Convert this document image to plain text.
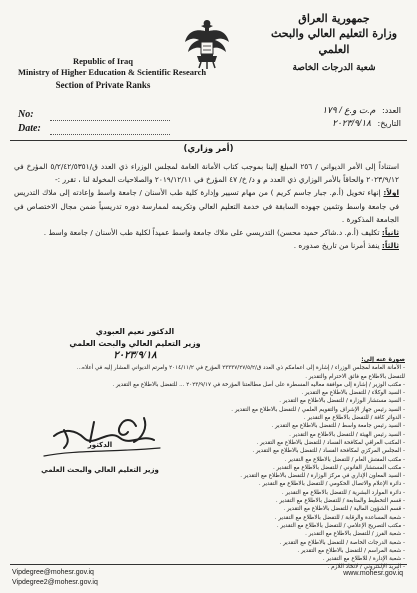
Republic of Iraq
Ministry of Higher Education & Scientific Research
Section of Private Ranks
جمهورية العراق
وزارة التعليم العالي والبحث العلمي
شعبة الدرجات الخاصة
No:
Date:
العدد: م.ت و.ع / ١٧٩
التاريخ: ٢٠٢٣/٩/١٨
(أمر وزاري)

استناداً إلى الأمر الديواني / ٢٥٦ المبلغ إلينا بموجب كتاب الأمانة العامة لمجلس الوزراء ذي العدد ق/٥/٢/٤٢/٥٣٥١ المؤرخ في ٢٠٢٣/٩/١٢ والحاقاً بالأمر الوزاري ذي العدد م و د/ خ/ ٤٧ المؤرخ في ٢٠١٩/١٢/١١ والصلاحيات المخولة لنا ، تقرر :-

اولاً: إنهاء تخويل (أ.م. جبار جاسم كريم ) من مهام تسيير وإدارة كلية طب الأسنان / جامعة واسط وإعادته إلى ملاك التدريس في جامعة واسط وتثمين جهوده السابقة في خدمة التعليم العالي وتكريمه لممارسة دوره تدريسياً ضمن مجال الاختصاص في الجامعة المذكورة .

ثانياً: تكليف (أ.م. د.شاكر حميد محسن) التدريسي على ملاك جامعة واسط عميداً لكلية طب الأسنان / جامعة واسط .

ثالثاً: ينفذ أمرنا من تاريخ صدوره .

الدكتور نعيم العبودي
وزير التعليم العالي والبحث العلمي
٢٠٢٣/٩/١٨
الدكتور
وزير التعليم العالي والبحث العلمي
صورة عنه إلى:
- الأمانة العامة لمجلس الوزراء / إشارة إلى اعمامكم ذي العدد ق/٢٣٣٣٧/٢٧/٥/٢ المؤرخ في ٢٠١٤/١١/٢ وامرتم الديواني المشار إليه في أعلاه...
للتفضل بالاطلاع مع فائق الاحترام والتقدير .
- مكتب الوزير / إشارة إلى موافقة معاليه المسطرة على أصل مطالعتنا المؤرخة في ٢٠٢٣/٩/١٧ ... للتفضل بالاطلاع مع التقدير .
- السيد الوكلاء / للتفضل بالاطلاع مع التقدير .
- السيد مستشار الوزارة / للتفضل بالاطلاع مع التقدير .
- السيد رئيس جهاز الإشراف والتقويم العلمي / للتفضل بالاطلاع مع التقدير .
- الدوائر كافة / للتفضل بالاطلاع مع التقدير .
- السيد رئيس جامعة واسط / للتفضل بالاطلاع مع التقدير .
- السيد رئيس الهيئة / للتفضل بالاطلاع مع التقدير .
- المكتب العراقي لمكافحة الفساد / للتفضل بالاطلاع مع التقدير .
- المجلس المركزي لمكافحة الفساد / للتفضل بالاطلاع مع التقدير .
- مكتب المفتش العام / للتفضل بالاطلاع مع التقدير .
- مكتب المستشار القانوني / للتفضل بالاطلاع مع التقدير .
- السيد المعاون الإداري في مركز الوزارة / للتفضل بالاطلاع مع التقدير .
- دائرة الإعلام والاتصال الحكومي / للتفضل بالاطلاع مع التقدير .
- دائرة الموارد البشرية / للتفضل بالاطلاع مع التقدير .
- قسم التخطيط والمتابعة / للتفضل بالاطلاع مع التقدير .
- قسم الشؤون المالية / للتفضل بالاطلاع مع التقدير .
- شعبة المساعدة والرقابة / للتفضل بالاطلاع مع التقدير .
- مكتب التصريح الإعلامي / للتفضل بالاطلاع مع التقدير .
- شعبة الفرز / للتفضل بالاطلاع مع التقدير .
- شعبة الدرجات الخاصة / للتفضل بالاطلاع مع التقدير .
- شعبة المراسم / للتفضل بالاطلاع مع التقدير .
- شعبة الإدارة / للاطلاع مع التقدير .
- البريد الإلكتروني / لاتخاذ اللازم .
Vipdegree@mohesr.gov.iq
Vipdegree2@mohesr.gov.iq
www.mohesr.gov.iq
